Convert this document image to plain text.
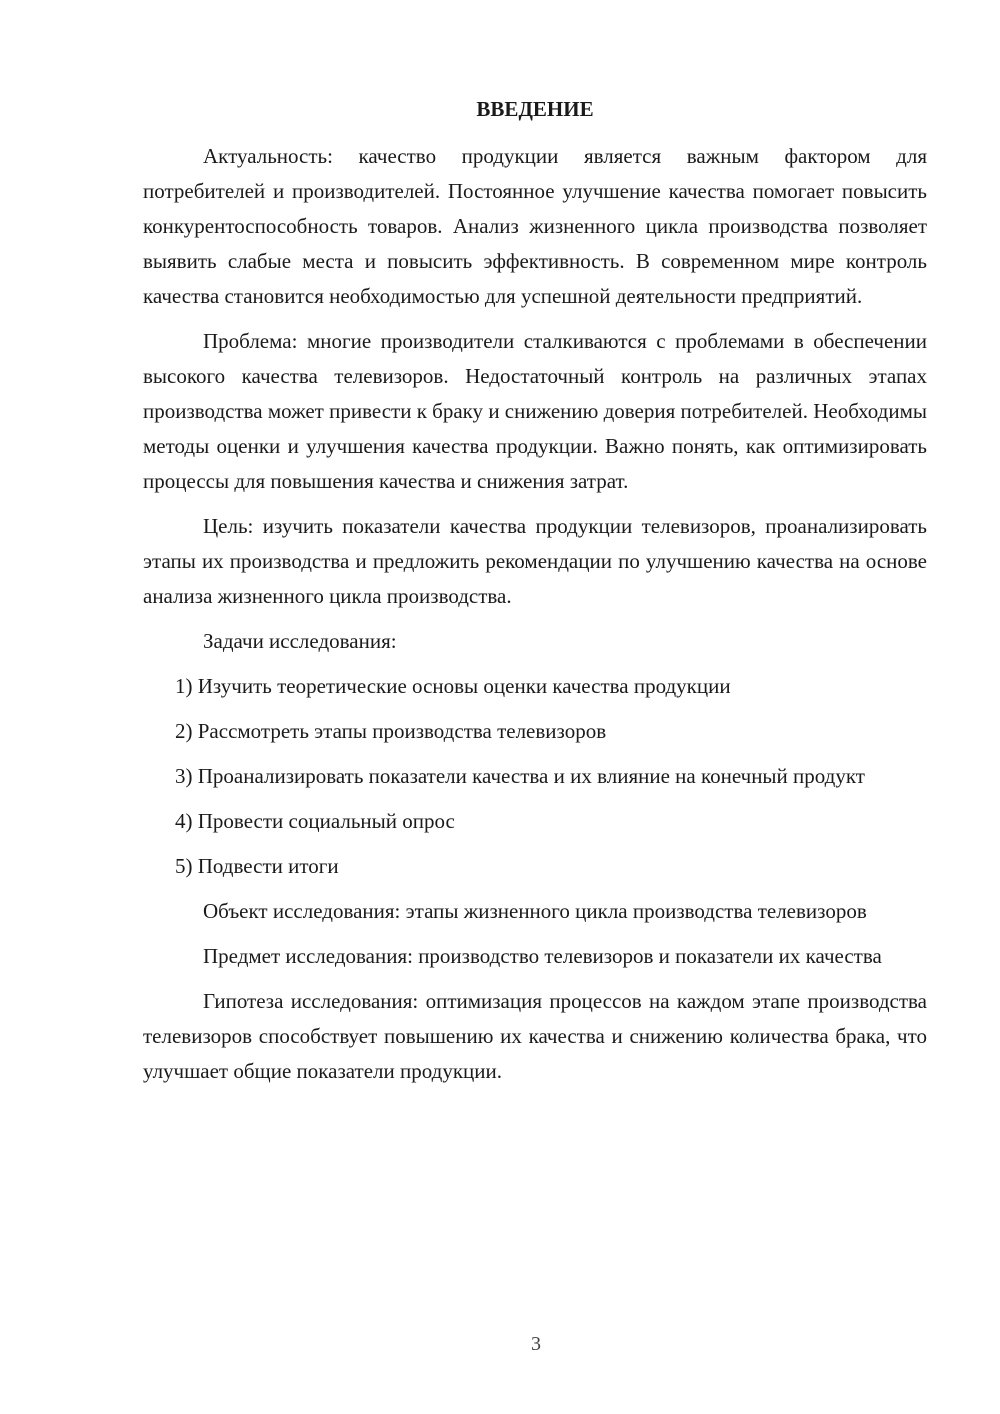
ВВЕДЕНИЕ

Актуальность: качество продукции является важным фактором для потребителей и производителей. Постоянное улучшение качества помогает повысить конкурентоспособность товаров. Анализ жизненного цикла производства позволяет выявить слабые места и повысить эффективность. В современном мире контроль качества становится необходимостью для успешной деятельности предприятий.

Проблема: многие производители сталкиваются с проблемами в обеспечении высокого качества телевизоров. Недостаточный контроль на различных этапах производства может привести к браку и снижению доверия потребителей. Необходимы методы оценки и улучшения качества продукции. Важно понять, как оптимизировать процессы для повышения качества и снижения затрат.

Цель: изучить показатели качества продукции телевизоров, проанализировать этапы их производства и предложить рекомендации по улучшению качества на основе анализа жизненного цикла производства.

Задачи исследования:

1) Изучить теоретические основы оценки качества продукции

2) Рассмотреть этапы производства телевизоров

3) Проанализировать показатели качества и их влияние на конечный продукт

4) Провести социальный опрос

5) Подвести итоги

Объект исследования: этапы жизненного цикла производства телевизоров

Предмет исследования: производство телевизоров и показатели их качества

Гипотеза исследования: оптимизация процессов на каждом этапе производства телевизоров способствует повышению их качества и снижению количества брака, что улучшает общие показатели продукции.

3
